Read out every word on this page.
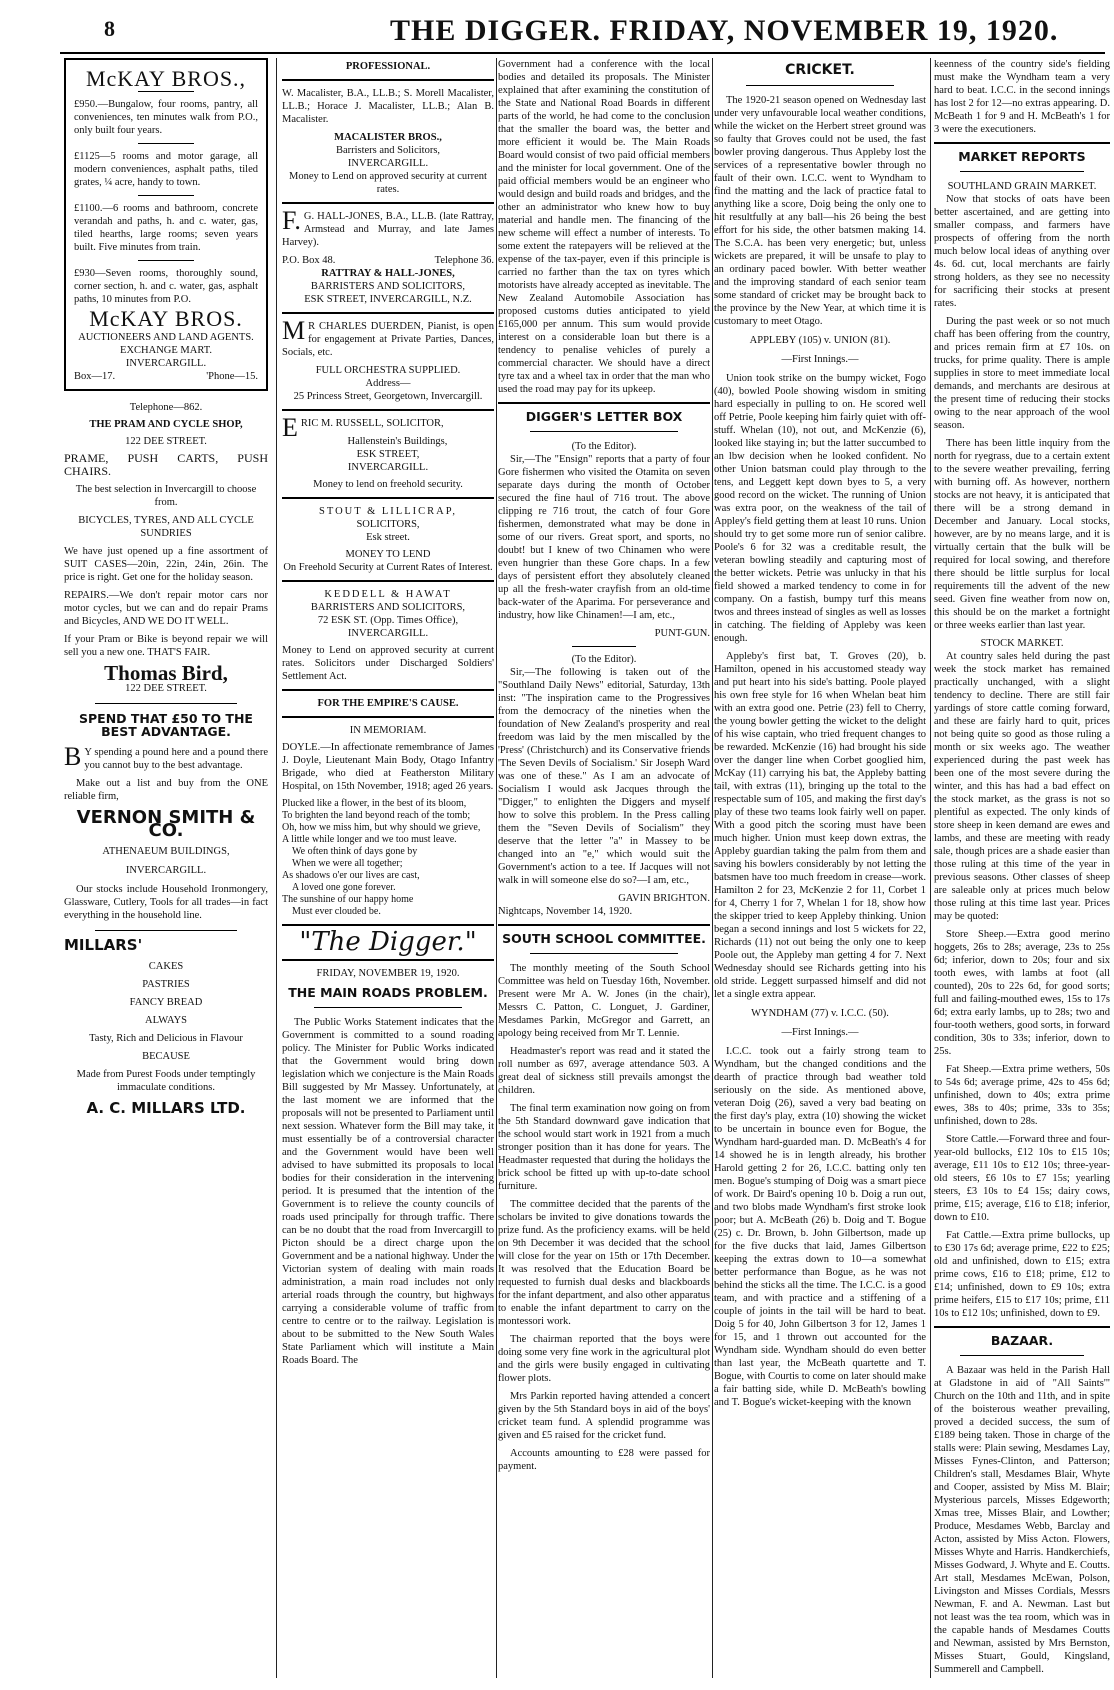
8	THE DIGGER. FRIDAY, NOVEMBER 19, 1920.
McKAY BROS.,

£950.—Bungalow, four rooms, pantry, all conveniences, ten minutes walk from P.O., only built four years.

£1125—5 rooms and motor garage, all modern conveniences, asphalt paths, tiled grates, ¼ acre, handy to town.

£1100.—6 rooms and bathroom, concrete verandah and paths, h. and c. water, gas, tiled hearths, large rooms; seven years built. Five minutes from train.

£930—Seven rooms, thoroughly sound, corner section, h. and c. water, gas, asphalt paths, 10 minutes from P.O.

McKAY BROS.
AUCTIONEERS AND LAND AGENTS.
EXCHANGE MART.
INVERCARGILL.
Box—17.	'Phone—15.
Telephone—862.
THE PRAM AND CYCLE SHOP,
122 DEE STREET.

PRAME, PUSH CARTS, PUSH CHAIRS.

The best selection in Invercargill to choose from.

BICYCLES, TYRES, AND ALL CYCLE SUNDRIES

We have just opened up a fine assortment of SUIT CASES—20in, 22in, 24in, 26in. The price is right. Get one for the holiday season.

REPAIRS.—We don't repair motor cars nor motor cycles, but we can and do repair Prams and Bicycles, AND WE DO IT WELL.

If your Pram or Bike is beyond repair we will sell you a new one. THAT'S FAIR.

Thomas Bird,
122 DEE STREET.
SPEND THAT £50 TO THE BEST ADVANTAGE.

BY spending a pound here and a pound there you cannot buy to the best advantage.

Make out a list and buy from the ONE reliable firm,

VERNON SMITH & CO.
ATHENAEUM BUILDINGS,
INVERCARGILL.

Our stocks include Household Ironmongery, Glassware, Cutlery, Tools for all trades—in fact everything in the household line.

MILLARS'

CAKES

PASTRIES

FANCY BREAD

ALWAYS

Tasty, Rich and Delicious in Flavour

BECAUSE

Made from Purest Foods under temptingly immaculate conditions.

A. C. MILLARS LTD.
PROFESSIONAL.

W. Macalister, B.A., LL.B.; S. Morell Macalister, LL.B.; Horace J. Macalister, LL.B.; Alan B. Macalister.

MACALISTER BROS.,
Barristers and Solicitors,
INVERCARGILL.

Money to Lend on approved security at current rates.

F.G. HALL-JONES, B.A., LL.B. (late Rattray, Armstead and Murray, and late James Harvey).

P.O. Box 48.	Telephone 36.
RATTRAY & HALL-JONES,
BARRISTERS AND SOLICITORS,
ESK STREET, INVERCARGILL, N.Z.

MR CHARLES DUERDEN, Pianist, is open for engagement at Private Parties, Dances, Socials, etc.

FULL ORCHESTRA SUPPLIED.
Address—

25 Princess Street, Georgetown, Invercargill.

ERIC M. RUSSELL, SOLICITOR,

Hallenstein's Buildings,
ESK STREET,
INVERCARGILL.

Money to lend on freehold security.

STOUT & LILLICRAP,
SOLICITORS,
Esk street.
MONEY TO LEND

On Freehold Security at Current Rates of Interest.

KEDDELL & HAWAT
BARRISTERS AND SOLICITORS,
72 ESK ST. (Opp. Times Office), INVERCARGILL.

Money to Lend on approved security at current rates. Solicitors under Discharged Soldiers' Settlement Act.

FOR THE EMPIRE'S CAUSE.
IN MEMORIAM.

DOYLE.—In affectionate remembrance of James J. Doyle, Lieutenant Main Body, Otago Infantry Brigade, who died at Featherston Military Hospital, on 15th November, 1918; aged 26 years.

Plucked like a flower, in the best of its bloom,
To brighten the land beyond reach of the tomb;
Oh, how we miss him, but why should we grieve,
A little while longer and we too must leave.
We often think of days gone by
When we were all together;
As shadows o'er our lives are cast,
A loved one gone forever.
The sunshine of our happy home
Must ever clouded be.
"The Digger."
FRIDAY, NOVEMBER 19, 1920.
THE MAIN ROADS PROBLEM.

The Public Works Statement indicates that the Government is committed to a sound roading policy. The Minister for Public Works indicated that the Government would bring down legislation which we conjecture is the Main Roads Bill suggested by Mr Massey. Unfortunately, at the last moment we are informed that the proposals will not be presented to Parliament until next session. Whatever form the Bill may take, it must essentially be of a controversial character and the Government would have been well advised to have submitted its proposals to local bodies for their consideration in the intervening period. It is presumed that the intention of the Government is to relieve the county councils of roads used principally for through traffic. There can be no doubt that the road from Invercargill to Picton should be a direct charge upon the Government and be a national highway. Under the Victorian system of dealing with main roads administration, a main road includes not only arterial roads through the country, but highways carrying a considerable volume of traffic from centre to centre or to the railway. Legislation is about to be submitted to the New South Wales State Parliament which will institute a Main Roads Board. The

Government had a conference with the local bodies and detailed its proposals. The Minister explained that after examining the constitution of the State and National Road Boards in different parts of the world, he had come to the conclusion that the smaller the board was, the better and more efficient it would be. The Main Roads Board would consist of two paid official members and the minister for local government. One of the paid official members would be an engineer who would design and build roads and bridges, and the other an administrator who knew how to buy material and handle men. The financing of the new scheme will effect a number of interests. To some extent the ratepayers will be relieved at the expense of the tax-payer, even if this principle is carried no farther than the tax on tyres which motorists have already accepted as inevitable. The New Zealand Automobile Association has proposed customs duties anticipated to yield £165,000 per annum. This sum would provide interest on a considerable loan but there is a tendency to penalise vehicles of purely a commercial character. We should have a direct tyre tax and a wheel tax in order that the man who used the road may pay for its upkeep.

DIGGER'S LETTER BOX
(To the Editor).

Sir,—The "Ensign" reports that a party of four Gore fishermen who visited the Otamita on seven separate days during the month of October secured the fine haul of 716 trout. The above clipping re 716 trout, the catch of four Gore fishermen, demonstrated what may be done in some of our rivers. Great sport, and sports, no doubt! but I knew of two Chinamen who were even hungrier than these Gore chaps. In a few days of persistent effort they absolutely cleaned up all the fresh-water crayfish from an old-time back-water of the Aparima. For perseverance and industry, how like Chinamen!—I am, etc.,

PUNT-GUN.
(To the Editor).

Sir,—The following is taken out of the "Southland Daily News" editorial, Saturday, 13th inst: "The inspiration came to the Progressives from the democracy of the nineties when the foundation of New Zealand's prosperity and real freedom was laid by the men miscalled by the 'Press' (Christchurch) and its Conservative friends 'The Seven Devils of Socialism.' Sir Joseph Ward was one of these." As I am an advocate of Socialism I would ask Jacques through the "Digger," to enlighten the Diggers and myself how to solve this problem. In the Press calling them the "Seven Devils of Socialism" they deserve that the letter "a" in Massey to be changed into an "e," which would suit the Government's action to a tee. If Jacques will not walk in will someone else do so?—I am, etc.,

GAVIN BRIGHTON.
Nightcaps, November 14, 1920.
SOUTH SCHOOL COMMITTEE.

The monthly meeting of the South School Committee was held on Tuesday 16th, November. Present were Mr A. W. Jones (in the chair), Messrs C. Patton, C. Longuet, J. Gardiner, Mesdames Parkin, McGregor and Garrett, an apology being received from Mr T. Lennie.

Headmaster's report was read and it stated the roll number as 697, average attendance 503. A great deal of sickness still prevails amongst the children.

The final term examination now going on from the 5th Standard downward gave indication that the school would start work in 1921 from a much stronger position than it has done for years. The Headmaster requested that during the holidays the brick school be fitted up with up-to-date school furniture.

The committee decided that the parents of the scholars be invited to give donations towards the prize fund. As the proficiency exams. will be held on 9th December it was decided that the school will close for the year on 15th or 17th December. It was resolved that the Education Board be requested to furnish dual desks and blackboards for the infant department, and also other apparatus to enable the infant department to carry on the montessori work.

The chairman reported that the boys were doing some very fine work in the agricultural plot and the girls were busily engaged in cultivating flower plots.

Mrs Parkin reported having attended a concert given by the 5th Standard boys in aid of the boys' cricket team fund. A splendid programme was given and £5 raised for the cricket fund.

Accounts amounting to £28 were passed for payment.

CRICKET.

The 1920-21 season opened on Wednesday last under very unfavourable local weather conditions, while the wicket on the Herbert street ground was so faulty that Groves could not be used, the fast bowler proving dangerous. Thus Appleby lost the services of a representative bowler through no fault of their own. I.C.C. went to Wyndham to find the matting and the lack of practice fatal to anything like a score, Doig being the only one to hit resultfully at any ball—his 26 being the best effort for his side, the other batsmen making 14. The S.C.A. has been very energetic; but, unless wickets are prepared, it will be unsafe to play to an ordinary paced bowler. With better weather and the improving standard of each senior team some standard of cricket may be brought back to the province by the New Year, at which time it is customary to meet Otago.

APPLEBY (105) v. UNION (81).
—First Innings.—

Union took strike on the bumpy wicket, Fogo (40), bowled Poole showing wisdom in smiting hard especially in pulling to on. He scored well off Petrie, Poole keeping him fairly quiet with off-stuff. Whelan (10), not out, and McKenzie (6), looked like staying in; but the latter succumbed to an lbw decision when he looked confident. No other Union batsman could play through to the tens, and Leggett kept down byes to 5, a very good record on the wicket. The running of Union was extra poor, on the weakness of the tail of Appley's field getting them at least 10 runs. Union should try to get some more run of senior calibre. Poole's 6 for 32 was a creditable result, the veteran bowling steadily and capturing most of the better wickets. Petrie was unlucky in that his field showed a marked tendency to come in for company. On a fastish, bumpy turf this means twos and threes instead of singles as well as losses in catching. The fielding of Appleby was keen enough.

Appleby's first bat, T. Groves (20), b. Hamilton, opened in his accustomed steady way and put heart into his side's batting. Poole played his own free style for 16 when Whelan beat him with an extra good one. Petrie (23) fell to Cherry, the young bowler getting the wicket to the delight of his wise captain, who tried frequent changes to be rewarded. McKenzie (16) had brought his side over the danger line when Corbet googlied him, McKay (11) carrying his bat, the Appleby batting tail, with extras (11), bringing up the total to the respectable sum of 105, and making the first day's play of these two teams look fairly well on paper. With a good pitch the scoring must have been much higher. Union must keep down extras, the Appleby guardian taking the palm from them and saving his bowlers considerably by not letting the batsmen have too much freedom in crease—work. Hamilton 2 for 23, McKenzie 2 for 11, Corbet 1 for 4, Cherry 1 for 7, Whelan 1 for 18, show how the skipper tried to keep Appleby thinking. Union began a second innings and lost 5 wickets for 22, Richards (11) not out being the only one to keep Poole out, the Appleby man getting 4 for 7. Next Wednesday should see Richards getting into his old stride. Leggett surpassed himself and did not let a single extra appear.

WYNDHAM (77) v. I.C.C. (50).
—First Innings.—

I.C.C. took out a fairly strong team to Wyndham, but the changed conditions and the dearth of practice through bad weather told seriously on the side. As mentioned above, veteran Doig (26), saved a very bad beating on the first day's play, extra (10) showing the wicket to be uncertain in bounce even for Bogue, the Wyndham hard-guarded man. D. McBeath's 4 for 14 showed he is in length already, his brother Harold getting 2 for 26, I.C.C. batting only ten men. Bogue's stumping of Doig was a smart piece of work. Dr Baird's opening 10 b. Doig a run out, and two blobs made Wyndham's first stroke look poor; but A. McBeath (26) b. Doig and T. Bogue (25) c. Dr. Brown, b. John Gilbertson, made up for the five ducks that laid, James Gilbertson keeping the extras down to 10—a somewhat better performance than Bogue, as he was not behind the sticks all the time. The I.C.C. is a good team, and with practice and a stiffening of a couple of joints in the tail will be hard to beat. Doig 5 for 40, John Gilbertson 3 for 12, James 1 for 15, and 1 thrown out accounted for the Wyndham side. Wyndham should do even better than last year, the McBeath quartette and T. Bogue, with Courtis to come on later should make a fair batting side, while D. McBeath's bowling and T. Bogue's wicket-keeping with the known

keenness of the country side's fielding must make the Wyndham team a very hard to beat. I.C.C. in the second innings has lost 2 for 12—no extras appearing. D. McBeath 1 for 9 and H. McBeath's 1 for 3 were the executioners.

MARKET REPORTS
SOUTHLAND GRAIN MARKET.

Now that stocks of oats have been better ascertained, and are getting into smaller compass, and farmers have prospects of offering from the north much below local ideas of anything over 4s. 6d. cut, local merchants are fairly strong holders, as they see no necessity for sacrificing their stocks at present rates.

During the past week or so not much chaff has been offering from the country, and prices remain firm at £7 10s. on trucks, for prime quality. There is ample supplies in store to meet immediate local demands, and merchants are desirous at the present time of reducing their stocks owing to the near approach of the wool season.

There has been little inquiry from the north for ryegrass, due to a certain extent to the severe weather prevailing, ferring with burning off. As however, northern stocks are not heavy, it is anticipated that there will be a strong demand in December and January. Local stocks, however, are by no means large, and it is virtually certain that the bulk will be required for local sowing, and therefore there should be little surplus for local requirements till the advent of the new seed. Given fine weather from now on, this should be on the market a fortnight or three weeks earlier than last year.

STOCK MARKET.

At country sales held during the past week the stock market has remained practically unchanged, with a slight tendency to decline. There are still fair yardings of store cattle coming forward, and these are fairly hard to quit, prices not being quite so good as those ruling a month or six weeks ago. The weather experienced during the past week has been one of the most severe during the winter, and this has had a bad effect on the stock market, as the grass is not so plentiful as expected. The only kinds of store sheep in keen demand are ewes and lambs, and these are meeting with ready sale, though prices are a shade easier than those ruling at this time of the year in previous seasons. Other classes of sheep are saleable only at prices much below those ruling at this time last year. Prices may be quoted:

Store Sheep.—Extra good merino hoggets, 26s to 28s; average, 23s to 25s 6d; inferior, down to 20s; four and six tooth ewes, with lambs at foot (all counted), 20s to 22s 6d, for good sorts; full and failing-mouthed ewes, 15s to 17s 6d; extra early lambs, up to 28s; two and four-tooth wethers, good sorts, in forward condition, 30s to 33s; inferior, down to 25s.

Fat Sheep.—Extra prime wethers, 50s to 54s 6d; average prime, 42s to 45s 6d; unfinished, down to 40s; extra prime ewes, 38s to 40s; prime, 33s to 35s; unfinished, down to 28s.

Store Cattle.—Forward three and four-year-old bullocks, £12 10s to £15 10s; average, £11 10s to £12 10s; three-year-old steers, £6 10s to £7 15s; yearling steers, £3 10s to £4 15s; dairy cows, prime, £15; average, £16 to £18; inferior, down to £10.

Fat Cattle.—Extra prime bullocks, up to £30 17s 6d; average prime, £22 to £25; old and unfinished, down to £15; extra prime cows, £16 to £18; prime, £12 to £14; unfinished, down to £9 10s; extra prime heifers, £15 to £17 10s; prime, £11 10s to £12 10s; unfinished, down to £9.

BAZAAR.

A Bazaar was held in the Parish Hall at Gladstone in aid of "All Saints'" Church on the 10th and 11th, and in spite of the boisterous weather prevailing, proved a decided success, the sum of £189 being taken. Those in charge of the stalls were: Plain sewing, Mesdames Lay, Misses Fynes-Clinton, and Patterson; Children's stall, Mesdames Blair, Whyte and Cooper, assisted by Miss M. Blair; Mysterious parcels, Misses Edgeworth; Xmas tree, Misses Blair, and Lowther; Produce, Mesdames Webb, Barclay and Acton, assisted by Miss Acton. Flowers, Misses Whyte and Harris. Handkerchiefs, Misses Godward, J. Whyte and E. Coutts. Art stall, Mesdames McEwan, Polson, Livingston and Misses Cordials, Messrs Newman, F. and A. Newman. Last but not least was the tea room, which was in the capable hands of Mesdames Coutts and Newman, assisted by Mrs Bernston, Misses Stuart, Gould, Kingsland, Summerell and Campbell.
